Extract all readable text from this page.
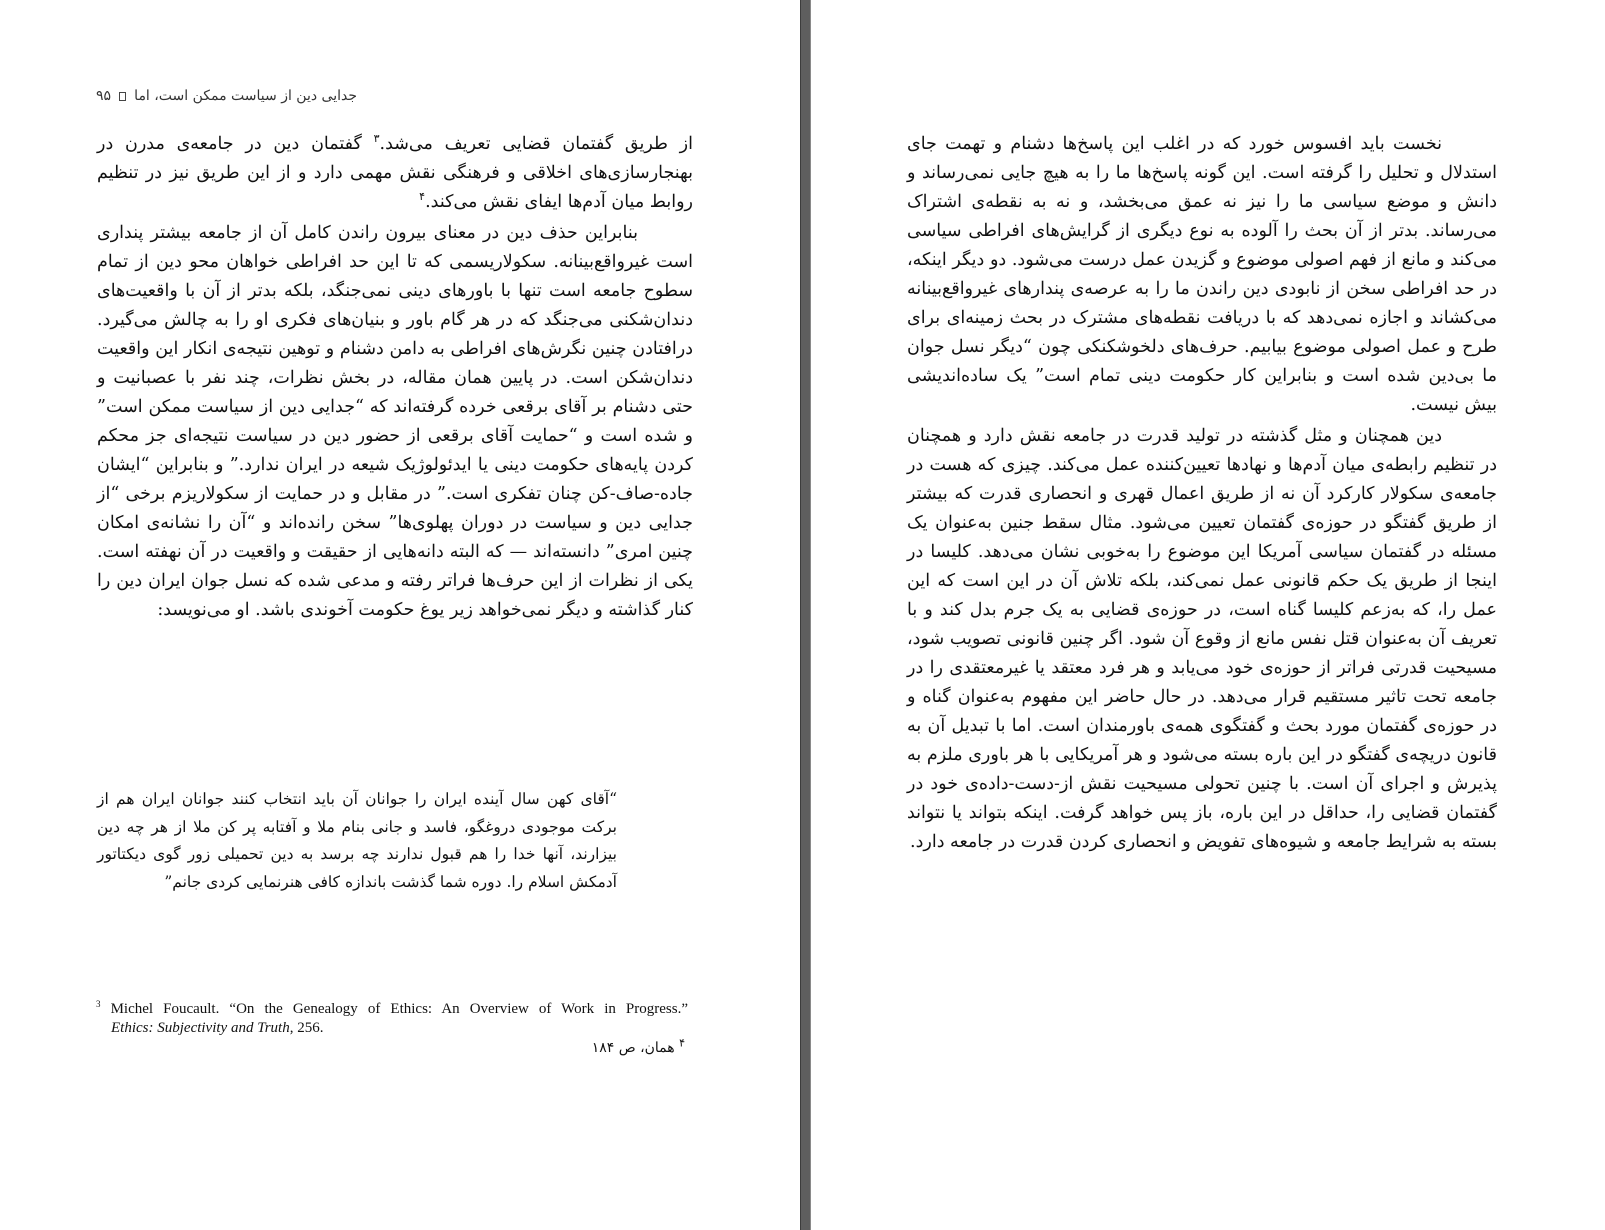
جدایی دین از سیاست ممکن است، اما
۹۵

از طریق گفتمان قضایی تعریف می‌شد.$^۳$ گفتمان دین در جامعه‌ی مدرن در بهنجارسازی‌های اخلاقی و فرهنگی نقش مهمی دارد و از این طریق نیز در تنظیم روابط میان آدم‌ها ایفای نقش می‌کند.$^۴$

بنابراین حذف دین در معنای بیرون راندن کامل آن از جامعه بیشتر پنداری است غیرواقع‌بینانه. سکولاریسمی که تا این حد افراطی خواهان محو دین از تمام سطوح جامعه است تنها با باورهای دینی نمی‌جنگد، بلکه بدتر از آن با واقعیت‌های دندان‌شکنی می‌جنگد که در هر گام باور و بنیان‌های فکری او را به چالش می‌گیرد. درافتادن چنین نگرش‌های افراطی به دامن دشنام و توهین نتیجه‌ی انکار این واقعیت دندان‌شکن است. در پایین همان مقاله، در بخش نظرات، چند نفر با عصبانیت و حتی دشنام بر آقای برقعی خرده گرفته‌اند که “جدایی دین از سیاست ممکن است” و شده است و “حمایت آقای برقعی از حضور دین در سیاست نتیجه‌ای جز محکم کردن پایه‌های حکومت دینی یا ایدئولوژیک شیعه در ایران ندارد.” و بنابراین “ایشان جاده-صاف-کن چنان تفکری است.” در مقابل و در حمایت از سکولاریزم برخی “از جدایی دین و سیاست در دوران پهلوی‌ها” سخن رانده‌اند و “آن را نشانه‌ی امکان چنین امری” دانسته‌اند — که البته دانه‌هایی از حقیقت و واقعیت در آن نهفته است. یکی از نظرات از این حرف‌ها فراتر رفته و مدعی شده که نسل جوان ایران دین را کنار گذاشته و دیگر نمی‌خواهد زیر یوغ حکومت آخوندی باشد. او می‌نویسد:

“آقای کهن سال آینده ایران را جوانان آن باید انتخاب کنند جوانان ایران هم از برکت موجودی دروغگو، فاسد و جانی بنام ملا و آفتابه پر کن ملا از هر چه دین بیزارند، آنها خدا را هم قبول ندارند چه برسد به دین تحمیلی زور گوی دیکتاتور آدمکش اسلام را. دوره شما گذشت باندازه کافی هنرنمایی کردی جانم”
$^3$ Michel Foucault. “On the Genealogy of Ethics: An Overview of Work in Progress.”
Ethics: Subjectivity and Truth, 256.
$^۴$ همان، ص ۱۸۴

نخست باید افسوس خورد که در اغلب این پاسخ‌ها دشنام و تهمت جای استدلال و تحلیل را گرفته است. این گونه پاسخ‌ها ما را به هیچ جایی نمی‌رساند و دانش و موضع سیاسی ما را نیز نه عمق می‌بخشد، و نه به نقطه‌ی اشتراک می‌رساند. بدتر از آن بحث را آلوده به نوع دیگری از گرایش‌های افراطی سیاسی می‌کند و مانع از فهم اصولی موضوع و گزیدن عمل درست می‌شود. دو دیگر اینکه، در حد افراطی سخن از نابودی دین راندن ما را به عرصه‌ی پندارهای غیرواقع‌بینانه می‌کشاند و اجازه نمی‌دهد که با دریافت نقطه‌های مشترک در بحث زمینه‌ای برای طرح و عمل اصولی موضوع بیابیم. حرف‌های دلخوشکنکی چون “دیگر نسل جوان ما بی‌دین شده است و بنابراین کار حکومت دینی تمام است” یک ساده‌اندیشی بیش نیست.

دین همچنان و مثل گذشته در تولید قدرت در جامعه نقش دارد و همچنان در تنظیم رابطه‌ی میان آدم‌ها و نهادها تعیین‌کننده عمل می‌کند. چیزی که هست در جامعه‌ی سکولار کارکرد آن نه از طریق اعمال قهری و انحصاری قدرت که بیشتر از طریق گفتگو در حوزه‌ی گفتمان تعیین می‌شود. مثال سقط جنین به‌عنوان یک مسئله در گفتمان سیاسی آمریکا این موضوع را به‌خوبی نشان می‌دهد. کلیسا در اینجا از طریق یک حکم قانونی عمل نمی‌کند، بلکه تلاش آن در این است که این عمل را، که به‌زعم کلیسا گناه است، در حوزه‌ی قضایی به یک جرم بدل کند و با تعریف آن به‌عنوان قتل نفس مانع از وقوع آن شود. اگر چنین قانونی تصویب شود، مسیحیت قدرتی فراتر از حوزه‌ی خود می‌یابد و هر فرد معتقد یا غیرمعتقدی را در جامعه تحت تاثیر مستقیم قرار می‌دهد. در حال حاضر این مفهوم به‌عنوان گناه و در حوزه‌ی گفتمان مورد بحث و گفتگوی همه‌ی باورمندان است. اما با تبدیل آن به قانون دریچه‌ی گفتگو در این باره بسته می‌شود و هر آمریکایی با هر باوری ملزم به پذیرش و اجرای آن است. با چنین تحولی مسیحیت نقش از-دست-داده‌ی خود در گفتمان قضایی را، حداقل در این باره، باز پس خواهد گرفت. اینکه بتواند یا نتواند بسته به شرایط جامعه و شیوه‌های تفویض و انحصاری کردن قدرت در جامعه دارد.
